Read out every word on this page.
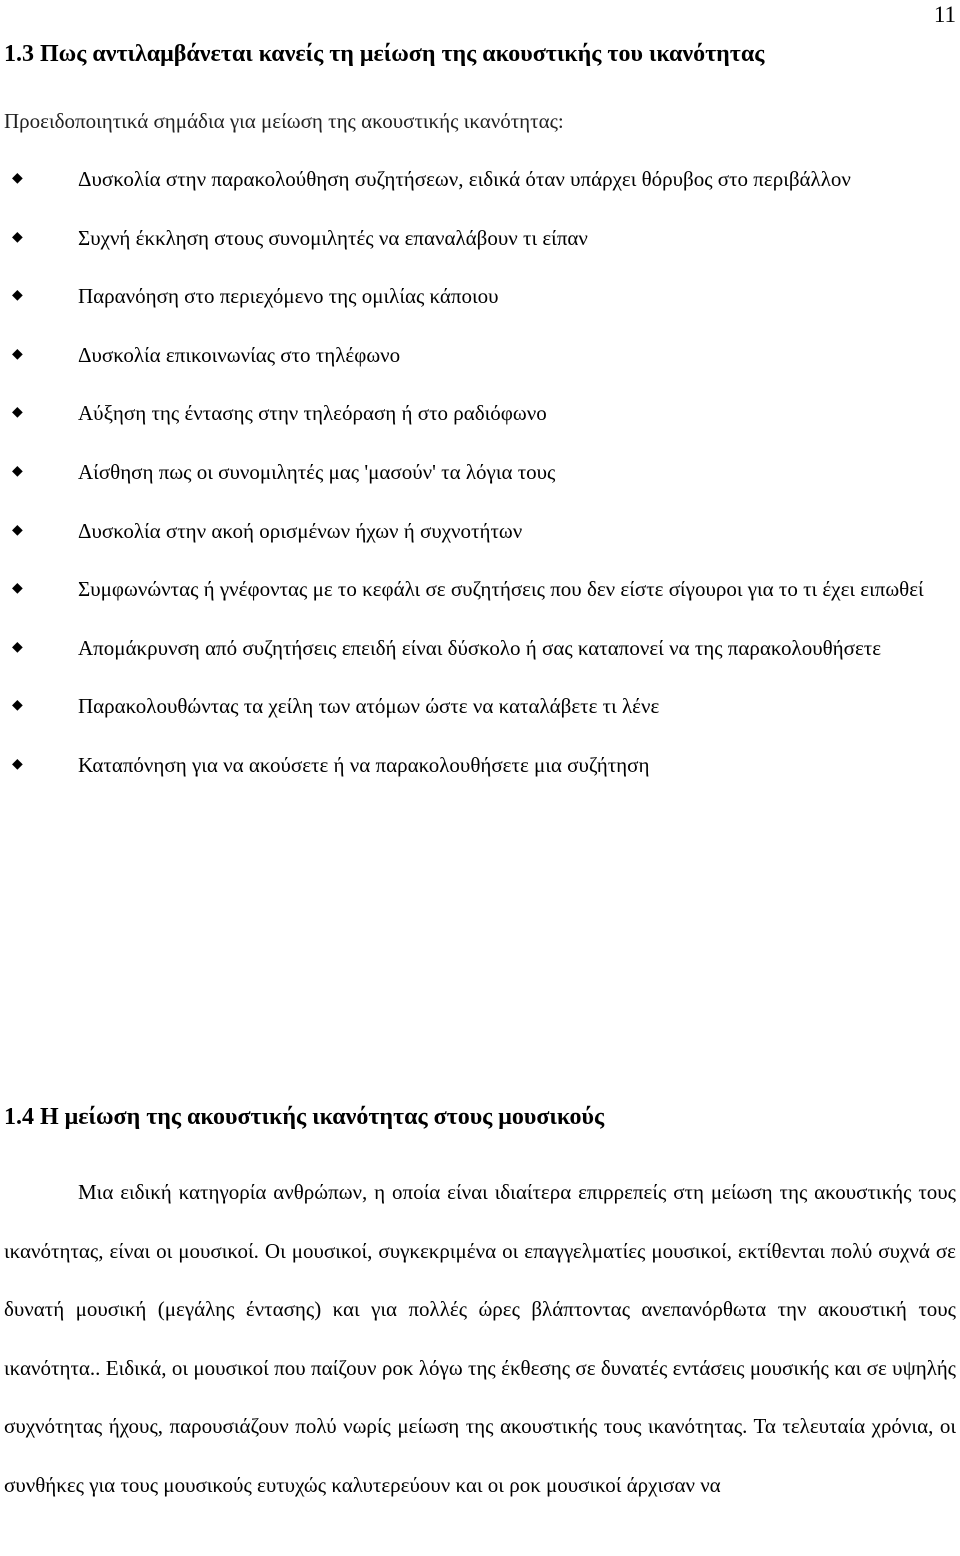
11
1.3 Πως αντιλαμβάνεται κανείς τη μείωση της ακουστικής του ικανότητας

Προειδοποιητικά σημάδια για μείωση της ακουστικής ικανότητας:

◆	Δυσκολία στην παρακολούθηση συζητήσεων, ειδικά όταν υπάρχει θόρυβος στο περιβάλλον
◆	Συχνή έκκληση στους συνομιλητές να επαναλάβουν τι είπαν
◆	Παρανόηση στο περιεχόμενο της ομιλίας κάποιου
◆	Δυσκολία επικοινωνίας στο τηλέφωνο
◆	Αύξηση της έντασης στην τηλεόραση ή στο ραδιόφωνο
◆	Αίσθηση πως οι συνομιλητές μας 'μασούν' τα λόγια τους
◆	Δυσκολία στην ακοή ορισμένων ήχων ή συχνοτήτων
◆	Συμφωνώντας ή γνέφοντας με το κεφάλι σε συζητήσεις που δεν είστε σίγουροι για το τι έχει ειπωθεί
◆	Απομάκρυνση από συζητήσεις επειδή είναι δύσκολο ή σας καταπονεί να της παρακολουθήσετε
◆	Παρακολουθώντας τα χείλη των ατόμων ώστε να καταλάβετε τι λένε
◆	Καταπόνηση για να ακούσετε ή να παρακολουθήσετε μια συζήτηση
1.4 Η μείωση της ακουστικής ικανότητας στους μουσικούς

Μια ειδική κατηγορία ανθρώπων, η οποία είναι ιδιαίτερα επιρρεπείς στη μείωση της ακουστικής τους ικανότητας, είναι οι μουσικοί. Οι μουσικοί, συγκεκριμένα οι επαγγελματίες μουσικοί, εκτίθενται πολύ συχνά σε δυνατή μουσική (μεγάλης έντασης) και για πολλές ώρες βλάπτοντας ανεπανόρθωτα την ακουστική τους ικανότητα.. Ειδικά, οι μουσικοί που παίζουν ροκ λόγω της έκθεσης σε δυνατές εντάσεις μουσικής και σε υψηλής συχνότητας ήχους, παρουσιάζουν πολύ νωρίς μείωση της ακουστικής τους ικανότητας. Τα τελευταία χρόνια, οι συνθήκες για τους μουσικούς ευτυχώς καλυτερεύουν και οι ροκ μουσικοί άρχισαν να
